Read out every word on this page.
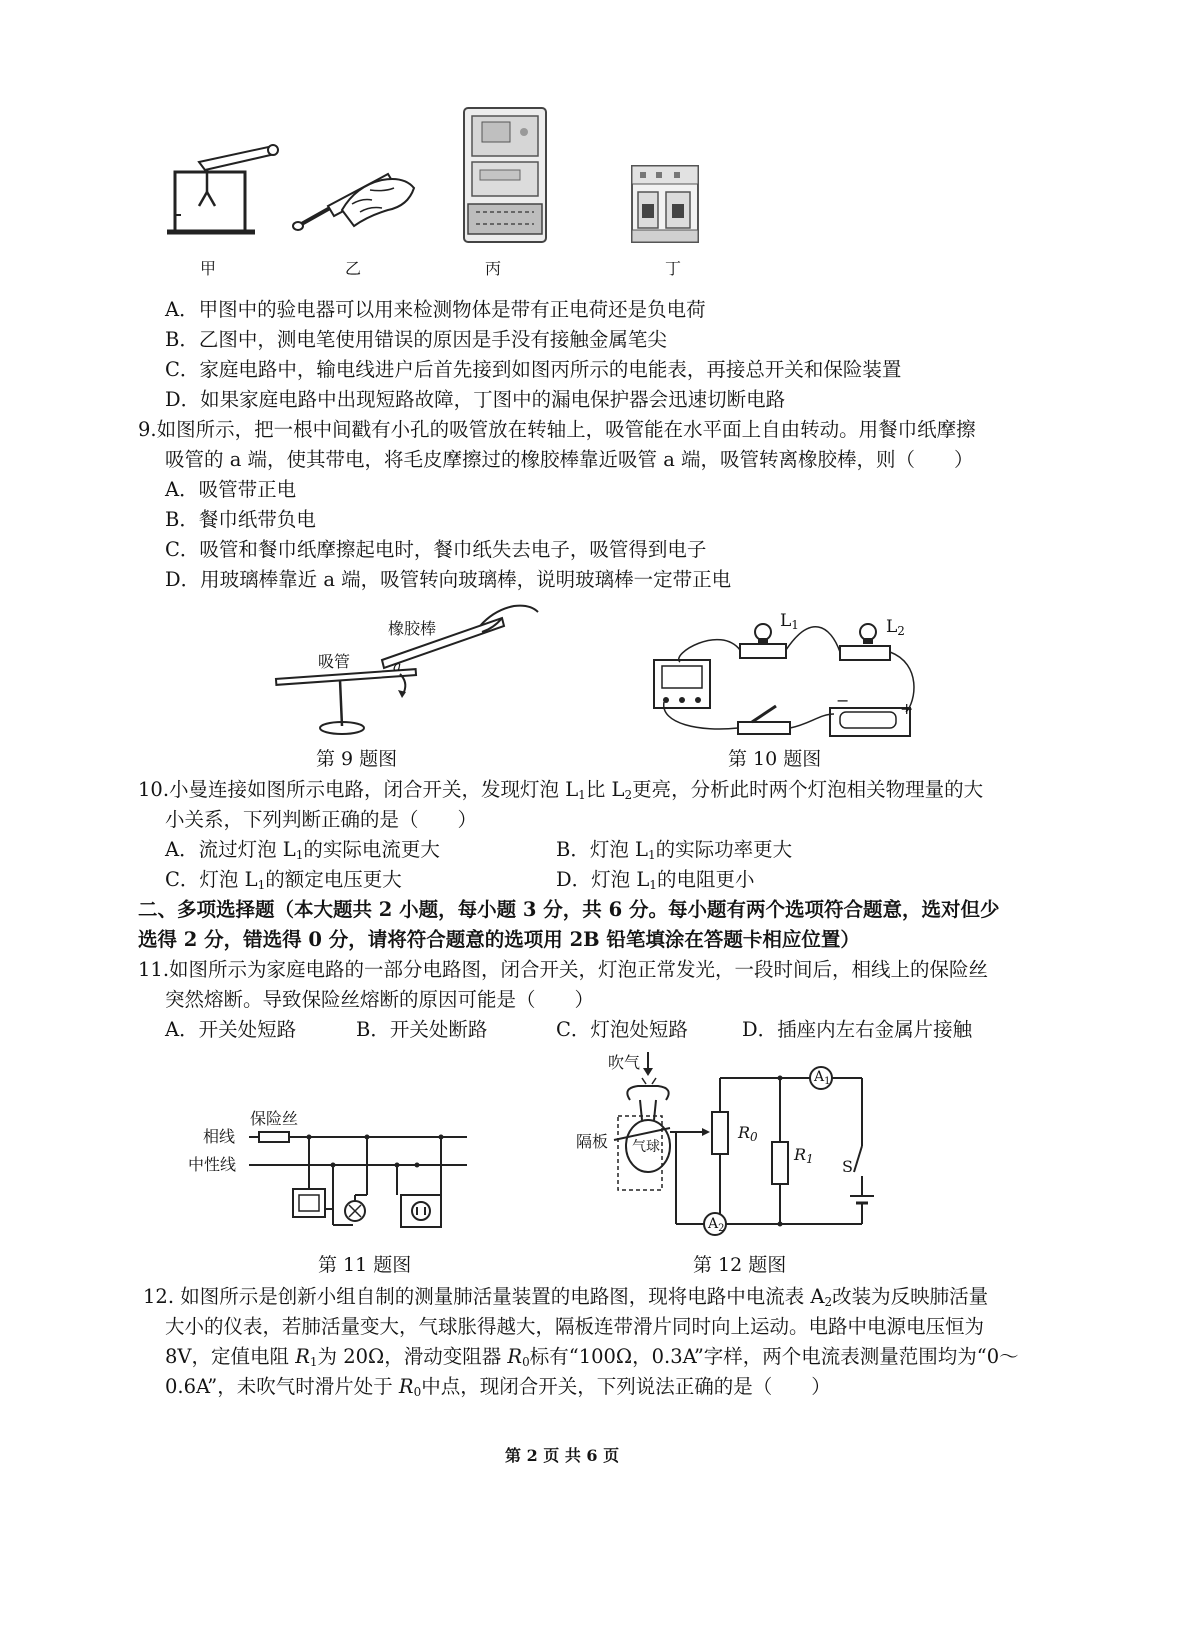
甲	乙	丙	丁
A．甲图中的验电器可以用来检测物体是带有正电荷还是负电荷
B．乙图中，测电笔使用错误的原因是手没有接触金属笔尖
C．家庭电路中，输电线进户后首先接到如图丙所示的电能表，再接总开关和保险装置
D．如果家庭电路中出现短路故障，丁图中的漏电保护器会迅速切断电路
9.如图所示，把一根中间戳有小孔的吸管放在转轴上，吸管能在水平面上自由转动。用餐巾纸摩擦
吸管的 a 端，使其带电，将毛皮摩擦过的橡胶棒靠近吸管 a 端，吸管转离橡胶棒，则（　　）
A．吸管带正电
B．餐巾纸带负电
C．吸管和餐巾纸摩擦起电时，餐巾纸失去电子，吸管得到电子
D．用玻璃棒靠近 a 端，吸管转向玻璃棒，说明玻璃棒一定带正电
橡胶棒
吸管	a
第 9 题图
$L_1$	$L_2$
−	+
第 10 题图
10.小曼连接如图所示电路，闭合开关，发现灯泡 $L_1$比 $L_2$更亮，分析此时两个灯泡相关物理量的大
小关系，下列判断正确的是（　　）
A．流过灯泡 $L_1$的实际电流更大	B．灯泡 $L_1$的实际功率更大
C．灯泡 $L_1$的额定电压更大	D．灯泡 $L_1$的电阻更小
二、多项选择题（本大题共 2 小题，每小题 3 分，共 6 分。每小题有两个选项符合题意，选对但少
选得 2 分，错选得 0 分，请将符合题意的选项用 2B 铅笔填涂在答题卡相应位置）
11.如图所示为家庭电路的一部分电路图，闭合开关，灯泡正常发光，一段时间后，相线上的保险丝
突然熔断。导致保险丝熔断的原因可能是（　　）
A．开关处短路	B．开关处断路	C．灯泡处短路	D．插座内左右金属片接触
保险丝
相线
中性线
第 11 题图
吹气
隔板 气球
$R_0$
$R_1$
$A_1$
$A_2$
S
第 12 题图
12. 如图所示是创新小组自制的测量肺活量装置的电路图，现将电路中电流表 $A_2$改装为反映肺活量
大小的仪表，若肺活量变大，气球胀得越大，隔板连带滑片同时向上运动。电路中电源电压恒为
8V，定值电阻 $R_1$为 20Ω，滑动变阻器 $R_0$标有“100Ω，0.3A”字样，两个电流表测量范围均为“0～
0.6A”，未吹气时滑片处于 $R_0$中点，现闭合开关，下列说法正确的是（　　）
第 2 页 共 6 页
